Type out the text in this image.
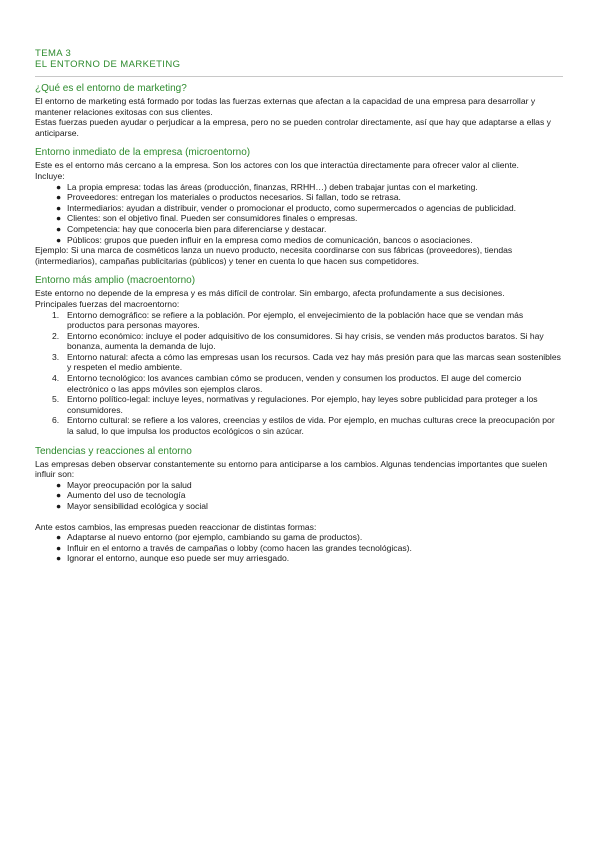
TEMA 3
EL ENTORNO DE MARKETING
¿Qué es el entorno de marketing?

El entorno de marketing está formado por todas las fuerzas externas que afectan a la capacidad de una empresa para desarrollar y mantener relaciones exitosas con sus clientes.

Estas fuerzas pueden ayudar o perjudicar a la empresa, pero no se pueden controlar directamente, así que hay que adaptarse a ellas y anticiparse.

Entorno inmediato de la empresa (microentorno)

Este es el entorno más cercano a la empresa. Son los actores con los que interactúa directamente para ofrecer valor al cliente.

Incluye:

● La propia empresa: todas las áreas (producción, finanzas, RRHH…) deben trabajar juntas con el marketing.
● Proveedores: entregan los materiales o productos necesarios. Si fallan, todo se retrasa.
● Intermediarios: ayudan a distribuir, vender o promocionar el producto, como supermercados o agencias de publicidad.
● Clientes: son el objetivo final. Pueden ser consumidores finales o empresas.
● Competencia: hay que conocerla bien para diferenciarse y destacar.
● Públicos: grupos que pueden influir en la empresa como medios de comunicación, bancos o asociaciones.

Ejemplo: Si una marca de cosméticos lanza un nuevo producto, necesita coordinarse con sus fábricas (proveedores), tiendas (intermediarios), campañas publicitarias (públicos) y tener en cuenta lo que hacen sus competidores.

Entorno más amplio (macroentorno)

Este entorno no depende de la empresa y es más difícil de controlar. Sin embargo, afecta profundamente a sus decisiones.

Principales fuerzas del macroentorno:

1. Entorno demográfico: se refiere a la población. Por ejemplo, el envejecimiento de la población hace que se vendan más productos para personas mayores.
2. Entorno económico: incluye el poder adquisitivo de los consumidores. Si hay crisis, se venden más productos baratos. Si hay bonanza, aumenta la demanda de lujo.
3. Entorno natural: afecta a cómo las empresas usan los recursos. Cada vez hay más presión para que las marcas sean sostenibles y respeten el medio ambiente.
4. Entorno tecnológico: los avances cambian cómo se producen, venden y consumen los productos. El auge del comercio electrónico o las apps móviles son ejemplos claros.
5. Entorno político-legal: incluye leyes, normativas y regulaciones. Por ejemplo, hay leyes sobre publicidad para proteger a los consumidores.
6. Entorno cultural: se refiere a los valores, creencias y estilos de vida. Por ejemplo, en muchas culturas crece la preocupación por la salud, lo que impulsa los productos ecológicos o sin azúcar.
Tendencias y reacciones al entorno

Las empresas deben observar constantemente su entorno para anticiparse a los cambios. Algunas tendencias importantes que suelen influir son:

● Mayor preocupación por la salud
● Aumento del uso de tecnología
● Mayor sensibilidad ecológica y social

Ante estos cambios, las empresas pueden reaccionar de distintas formas:

● Adaptarse al nuevo entorno (por ejemplo, cambiando su gama de productos).
● Influir en el entorno a través de campañas o lobby (como hacen las grandes tecnológicas).
● Ignorar el entorno, aunque eso puede ser muy arriesgado.
